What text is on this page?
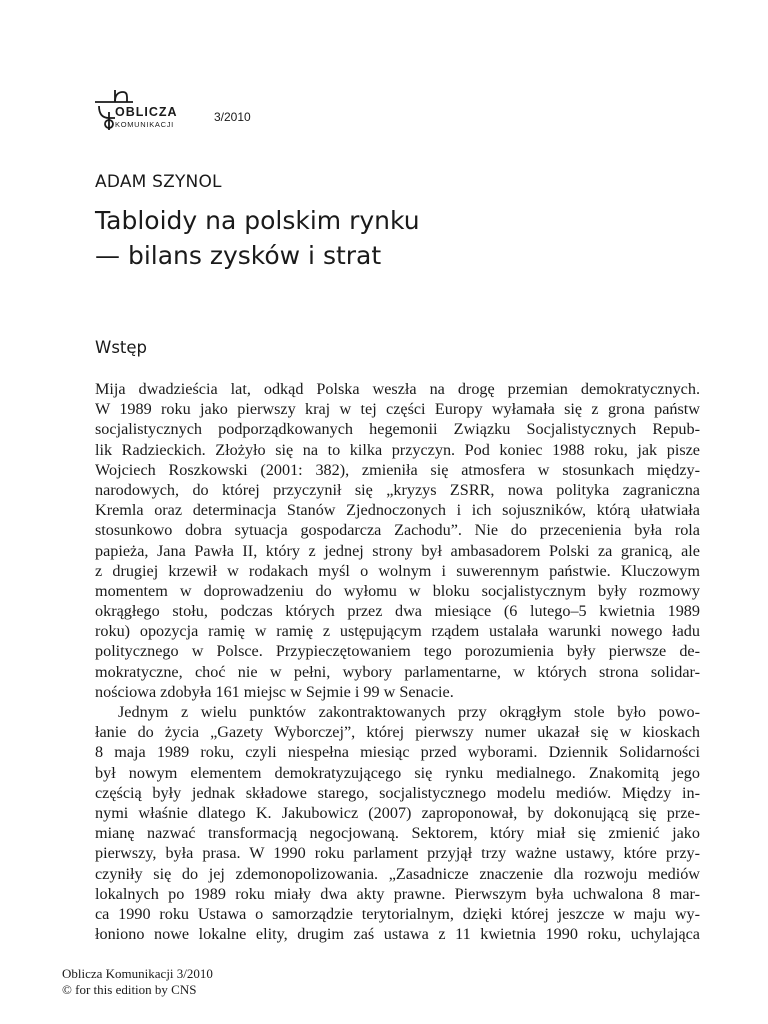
OBLICZA
KOMUNIKACJI
3/2010
ADAM SZYNOL
Tabloidy na polskim rynku
— bilans zysków i strat
Wstęp
Mija dwadzieścia lat, odkąd Polska weszła na drogę przemian demokratycznych.
W 1989 roku jako pierwszy kraj w tej części Europy wyłamała się z grona państw
socjalistycznych podporządkowanych hegemonii Związku Socjalistycznych Repub-
lik Radzieckich. Złożyło się na to kilka przyczyn. Pod koniec 1988 roku, jak pisze
Wojciech Roszkowski (2001: 382), zmieniła się atmosfera w stosunkach między-
narodowych, do której przyczynił się „kryzys ZSRR, nowa polityka zagraniczna
Kremla oraz determinacja Stanów Zjednoczonych i ich sojuszników, którą ułatwiała
stosunkowo dobra sytuacja gospodarcza Zachodu”. Nie do przecenienia była rola
papieża, Jana Pawła II, który z jednej strony był ambasadorem Polski za granicą, ale
z drugiej krzewił w rodakach myśl o wolnym i suwerennym państwie. Kluczowym
momentem w doprowadzeniu do wyłomu w bloku socjalistycznym były rozmowy
okrągłego stołu, podczas których przez dwa miesiące (6 lutego–5 kwietnia 1989
roku) opozycja ramię w ramię z ustępującym rządem ustalała warunki nowego ładu
politycznego w Polsce. Przypieczętowaniem tego porozumienia były pierwsze de-
mokratyczne, choć nie w pełni, wybory parlamentarne, w których strona solidar-
nościowa zdobyła 161 miejsc w Sejmie i 99 w Senacie.
Jednym z wielu punktów zakontraktowanych przy okrągłym stole było powo-
łanie do życia „Gazety Wyborczej”, której pierwszy numer ukazał się w kioskach
8 maja 1989 roku, czyli niespełna miesiąc przed wyborami. Dziennik Solidarności
był nowym elementem demokratyzującego się rynku medialnego. Znakomitą jego
częścią były jednak składowe starego, socjalistycznego modelu mediów. Między in-
nymi właśnie dlatego K. Jakubowicz (2007) zaproponował, by dokonującą się prze-
mianę nazwać transformacją negocjowaną. Sektorem, który miał się zmienić jako
pierwszy, była prasa. W 1990 roku parlament przyjął trzy ważne ustawy, które przy-
czyniły się do jej zdemonopolizowania. „Zasadnicze znaczenie dla rozwoju mediów
lokalnych po 1989 roku miały dwa akty prawne. Pierwszym była uchwalona 8 mar-
ca 1990 roku Ustawa o samorządzie terytorialnym, dzięki której jeszcze w maju wy-
łoniono nowe lokalne elity, drugim zaś ustawa z 11 kwietnia 1990 roku, uchylająca
Oblicza Komunikacji 3/2010
© for this edition by CNS
